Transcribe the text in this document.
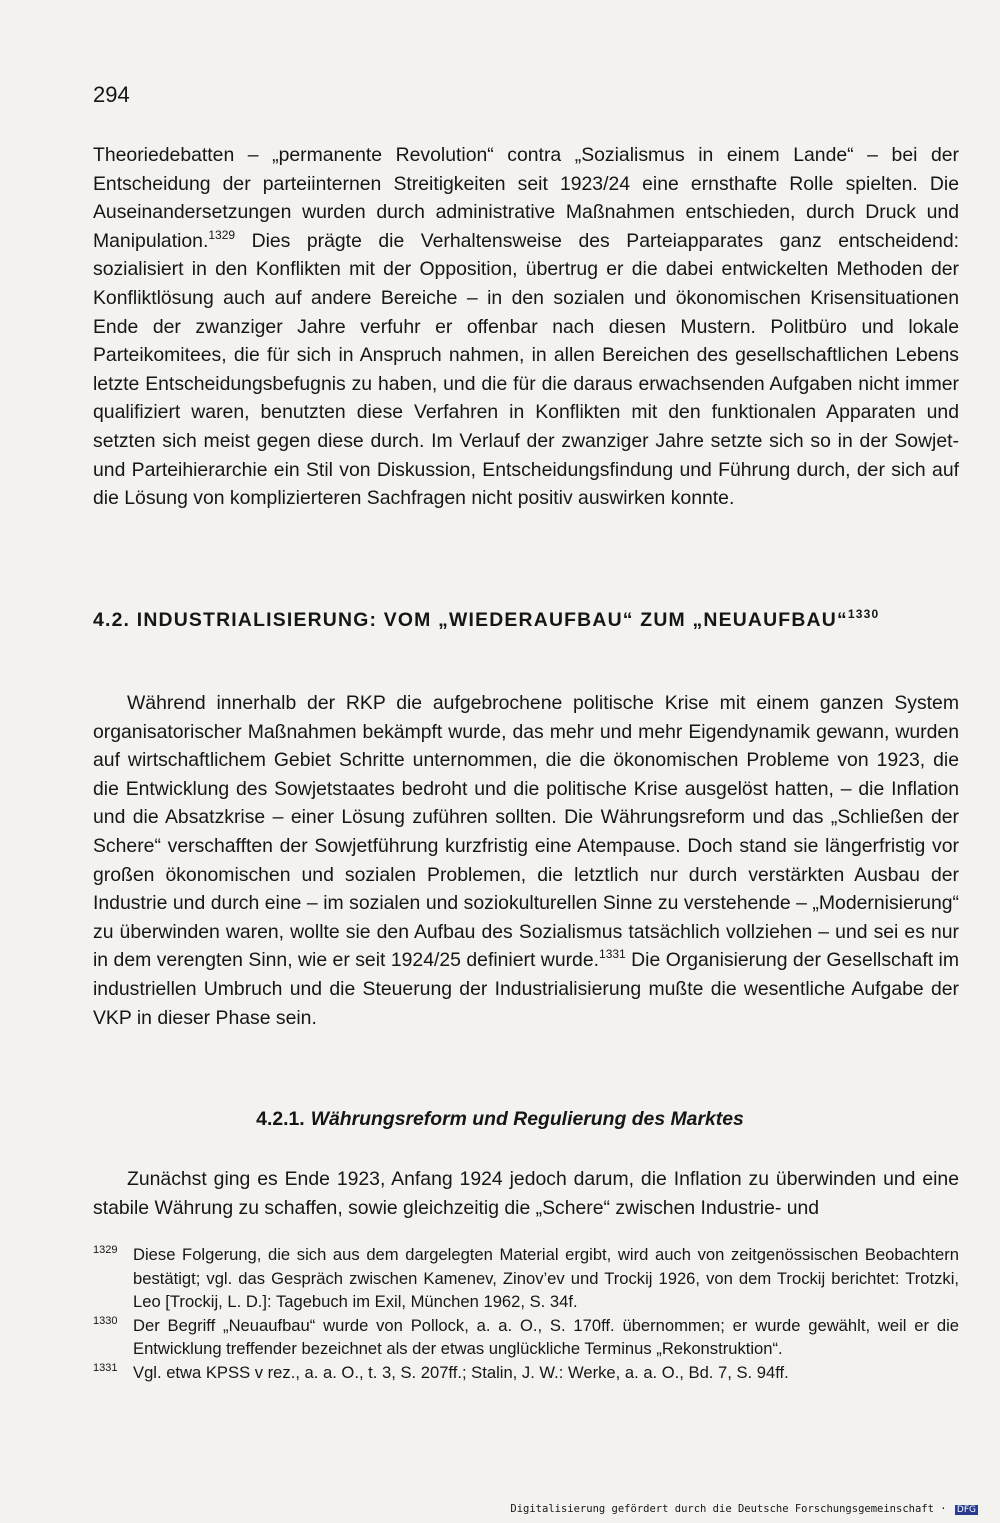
294

Theoriedebatten – „permanente Revolution“ contra „Sozialismus in einem Lande“ – bei der Entscheidung der parteiinternen Streitigkeiten seit 1923/24 eine ernsthafte Rolle spielten. Die Auseinandersetzungen wurden durch administrative Maßnahmen entschieden, durch Druck und Manipulation.$^{1329}$ Dies prägte die Verhaltensweise des Parteiapparates ganz entscheidend: sozialisiert in den Konflikten mit der Opposition, übertrug er die dabei entwickelten Methoden der Konfliktlösung auch auf andere Bereiche – in den sozialen und ökonomischen Krisensituationen Ende der zwanziger Jahre verfuhr er offenbar nach diesen Mustern. Politbüro und lokale Parteikomitees, die für sich in Anspruch nahmen, in allen Bereichen des gesellschaftlichen Lebens letzte Entscheidungsbefugnis zu haben, und die für die daraus erwachsenden Aufgaben nicht immer qualifiziert waren, benutzten diese Verfahren in Konflikten mit den funktionalen Apparaten und setzten sich meist gegen diese durch. Im Verlauf der zwanziger Jahre setzte sich so in der Sowjet- und Parteihierarchie ein Stil von Diskussion, Entscheidungsfindung und Führung durch, der sich auf die Lösung von komplizierteren Sachfragen nicht positiv auswirken konnte.

4.2. INDUSTRIALISIERUNG: VOM „WIEDERAUFBAU“ ZUM „NEUAUFBAU“$^{1330}$

Während innerhalb der RKP die aufgebrochene politische Krise mit einem ganzen System organisatorischer Maßnahmen bekämpft wurde, das mehr und mehr Eigendynamik gewann, wurden auf wirtschaftlichem Gebiet Schritte unternommen, die die ökonomischen Probleme von 1923, die die Entwicklung des Sowjetstaates bedroht und die politische Krise ausgelöst hatten, – die Inflation und die Absatzkrise – einer Lösung zuführen sollten. Die Währungsreform und das „Schließen der Schere“ verschafften der Sowjetführung kurzfristig eine Atempause. Doch stand sie längerfristig vor großen ökonomischen und sozialen Problemen, die letztlich nur durch verstärkten Ausbau der Industrie und durch eine – im sozialen und soziokulturellen Sinne zu verstehende – „Modernisierung“ zu überwinden waren, wollte sie den Aufbau des Sozialismus tatsächlich vollziehen – und sei es nur in dem verengten Sinn, wie er seit 1924/25 definiert wurde.$^{1331}$ Die Organisierung der Gesellschaft im industriellen Umbruch und die Steuerung der Industrialisierung mußte die wesentliche Aufgabe der VKP in dieser Phase sein.

4.2.1. Währungsreform und Regulierung des Marktes

Zunächst ging es Ende 1923, Anfang 1924 jedoch darum, die Inflation zu überwinden und eine stabile Währung zu schaffen, sowie gleichzeitig die „Schere“ zwischen Industrie- und

1329 Diese Folgerung, die sich aus dem dargelegten Material ergibt, wird auch von zeitgenössischen Beobachtern bestätigt; vgl. das Gespräch zwischen Kamenev, Zinov’ev und Trockij 1926, von dem Trockij berichtet: Trotzki, Leo [Trockij, L. D.]: Tagebuch im Exil, München 1962, S. 34f.
1330 Der Begriff „Neuaufbau“ wurde von Pollock, a. a. O., S. 170ff. übernommen; er wurde gewählt, weil er die Entwicklung treffender bezeichnet als der etwas unglückliche Terminus „Rekonstruktion“.
1331 Vgl. etwa KPSS v rez., a. a. O., t. 3, S. 207ff.; Stalin, J. W.: Werke, a. a. O., Bd. 7, S. 94ff.
Digitalisierung gefördert durch die Deutsche Forschungsgemeinschaft · DFG
